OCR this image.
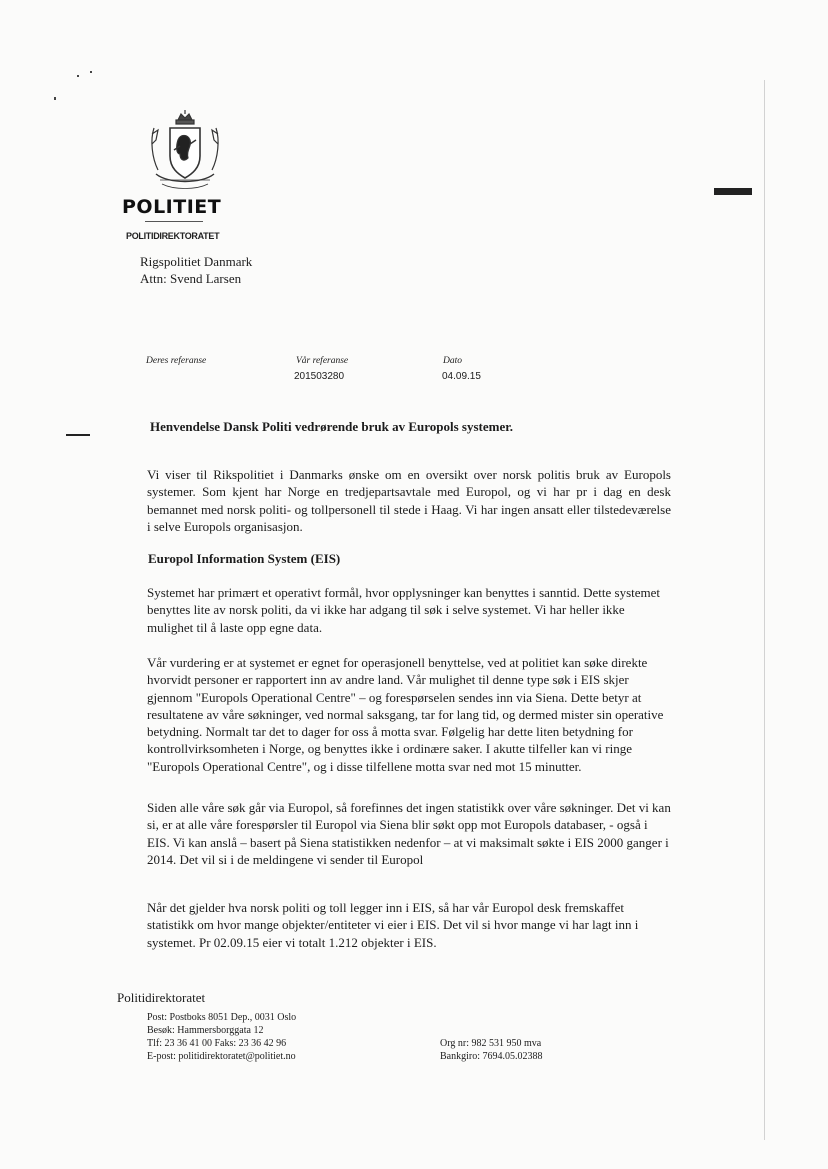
POLITIET
POLITIDIREKTORATET
Rigspolitiet Danmark
Attn: Svend Larsen
Deres referanse	Vår referanse
201503280
Dato
04.09.15
Henvendelse Dansk Politi vedrørende bruk av Europols systemer.

Vi viser til Rikspolitiet i Danmarks ønske om en oversikt over norsk politis bruk av Europols systemer. Som kjent har Norge en tredjepartsavtale med Europol, og vi har pr i dag en desk bemannet med norsk politi- og tollpersonell til stede i Haag. Vi har ingen ansatt eller tilstedeværelse i selve Europols organisasjon.

Europol Information System (EIS)

Systemet har primært et operativt formål, hvor opplysninger kan benyttes i sanntid. Dette systemet benyttes lite av norsk politi, da vi ikke har adgang til søk i selve systemet. Vi har heller ikke mulighet til å laste opp egne data.

Vår vurdering er at systemet er egnet for operasjonell benyttelse, ved at politiet kan søke direkte hvorvidt personer er rapportert inn av andre land. Vår mulighet til denne type søk i EIS skjer gjennom "Europols Operational Centre" – og forespørselen sendes inn via Siena. Dette betyr at resultatene av våre søkninger, ved normal saksgang, tar for lang tid, og dermed mister sin operative betydning. Normalt tar det to dager for oss å motta svar. Følgelig har dette liten betydning for kontrollvirksomheten i Norge, og benyttes ikke i ordinære saker. I akutte tilfeller kan vi ringe "Europols Operational Centre", og i disse tilfellene motta svar ned mot 15 minutter.

Siden alle våre søk går via Europol, så forefinnes det ingen statistikk over våre søkninger. Det vi kan si, er at alle våre forespørsler til Europol via Siena blir søkt opp mot Europols databaser, - også i EIS. Vi kan anslå – basert på Siena statistikken nedenfor – at vi maksimalt søkte i EIS 2000 ganger i 2014. Det vil si i de meldingene vi sender til Europol

Når det gjelder hva norsk politi og toll legger inn i EIS, så har vår Europol desk fremskaffet statistikk om hvor mange objekter/entiteter vi eier i EIS. Det vil si hvor mange vi har lagt inn i systemet. Pr 02.09.15 eier vi totalt 1.212 objekter i EIS.

Politidirektoratet
Post: Postboks 8051 Dep., 0031 Oslo
Besøk: Hammersborggata 12
Tlf: 23 36 41 00 Faks: 23 36 42 96
E-post: politidirektoratet@politiet.no
Org nr: 982 531 950 mva
Bankgiro: 7694.05.02388
